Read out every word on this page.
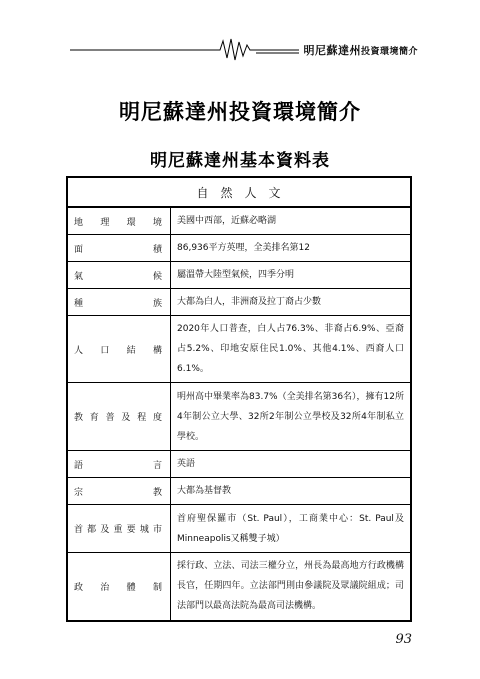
明尼蘇達州投資環境簡介
明尼蘇達州投資環境簡介
明尼蘇達州基本資料表
自然人文	
地理環境	美國中西部，近蘇必略湖
面積	86,936平方英哩，全美排名第12
氣候	屬溫帶大陸型氣候，四季分明
種族	大都為白人，非洲裔及拉丁裔占少數
人口結構	2020年人口普查，白人占76.3%、非裔占6.9%、亞裔占5.2%、印地安原住民1.0%、其他4.1%、西裔人口6.1%。
教育普及程度	明州高中畢業率為83.7%（全美排名第36名），擁有12所4年制公立大學、32所2年制公立學校及32所4年制私立學校。
語言	英語
宗教	大都為基督教
首都及重要城市	首府聖保羅市（St. Paul），工商業中心：St. Paul及Minneapolis又稱雙子城）
政治體制	採行政、立法、司法三權分立，州長為最高地方行政機構長官，任期四年。立法部門則由參議院及眾議院組成；司法部門以最高法院為最高司法機構。
93
